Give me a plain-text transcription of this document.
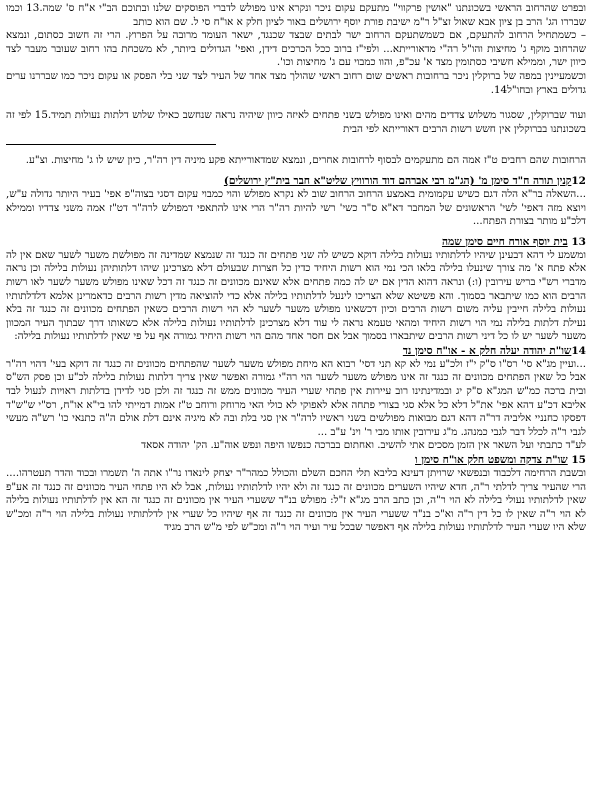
ובפרט שהרחוב הראשי בשכונתנו "אושין פרקווי" מתעקם עקום ניכר ונקרא אינו מפולש לדברי הפוסקים שלנו ובתוכם הב"י א"ח ס' שמה.13 וכמו שבררו הג' הרב בן ציון אבא שאול זצ"ל ר"מ ישיבת פורת יוסף ירושלים באור לציון חלק א או"ח סי ל. שם הוא כותב

– כשמתחיל הרחוב להתעקם, אם כשמשתעקם הרחוב ישר לבתים שבצד שכנגד, ישאר העומד מרובה על הפרוץ. הרי זה חשוב כסתום, ונמצא שהרחוב מוקף ג' מחיצות והו"ל רה"י מדאורייתא... ולפי"ז ברוב ככל הכרכים דידן, ואפי' הגדולים ביותר, לא משכחת בהו רחוב שעובר מעבר לצד כיוון ישר, וממילא חשיבי כסתומין מצד א' עכ"פ, והוו כמבוי עם ג' מחיצות וכו'.

וכשמעיינין במפה של ברוקלין ניכר ברחובות ראשים שום רחוב ראשי שהולך מצד אחד של העיר לצד שני בלי הפסק או עקום ניכר כמו שבררנו ערים גדולים בארץ ובחו"ל14.

ועוד שברוקלין, שסגור משלוש צדדים מהים ואינו מפולש בשני פתחים לאיזה כיוון שיהיה נראה שנחשב כאילו שלוש דלתות נעולות תמיד.15 לפי זה בשכונתנו בברוקלין אין חשש רשות הרבים דאורייתא לפי הבית

הרחובות שהם רחבים ט"ז אמה הם מתעקמים לבסוף לרחובות אחרים, ונמצא שמדאורייתא פקע מיניה דין רה"ר, כיון שיש לו ג' מחיצות. וצ"ע.

12קנין תורה ח"ד סימן מ' (הג"מ רבי אברהם דוד הורוויץ שליט"א חבר בית"ץ ירושלים)

...השאלה בר"א הלה דגם כשיש עקמומית באמצע הרחוב הרחוב שוב לא נקרא מפולש והוי כמבוי עקום דסגי בצוה"פ אפי' בעיר היותר גדולה ע"ש, ויוצא מזה דאפי' לשי' הראשונים של המחבר דא"א ס"ר כשי' רשי להיות רה"ר הרי אינו להתאפי דמפולש לרה"ר דט"ז אמה משני צדדיו וממילא דלכ"ע מותר בצורת הפתח...

13 בית יוסף אורח חיים סימן שמה

ומשמע לי דהא דבעינן שיהיו לדלתותיו נעולות בלילה דוקא כשיש לה שני פתחים זה כנגד זה שנמצא שמדינה זה מפולשת משער לשער שאם אין לה אלא פתח א' מה צורך שינעלו בלילה בלאו הכי נמי הוא רשות היחיד כדין כל חצרות שבעולם דלא מצרכינן שיהו דלתותיהן נעולות בלילה וכן נראה מדברי רש"י בריש עירובין (ו:) ונראה דהוא הדין אם יש לה כמה פתחים אלא שאינם מכוונים זה כנגד זה דכל שאינו מפולש משער לשער לאו רשות הרבים הוא כמו שיתבאר בסמוך. והא פשיטא שלא הצריכו לינעל לדלתותיו בלילה אלא כדי להוציאה מדין רשות הרבים כדאמרינן אלמא דלדלתותיו נעולות בלילה חייבין עליה משום רשות הרבים וכיון דכשאינו מפולש משער לשער לא הוי רשות הרבים כשאין הפתחים מכוונים זה כנגד זה בלא נעילת דלתות בלילה נמי הוי רשות היחיד ומהאי טעמא נראה לי עוד דלא מצרכינן לדלתותיו נעולות בלילה אלא כשאותו דרך שבתוך העיר המכוון משער לשער יש לו כל דיני רשות הרבים שיתבארו בסמוך אבל אם חסר אחד מהם הוי רשות היחיד גמורה אף על פי שאין לדלתותיו נעולות בלילה:

14שו"ת יהודה יעלה חלק א - או"ח סימן נד

...ועיין מג"א סי' רס"ו ס"ק י"ז ולכ"ע נמי לא קא תני דסי' רבוא הא מיחת מפולש משער לשער שהפתחים מכוונים זה כנגד זה דוקא בעי' דהוי רה"ר אבל כל שאין הפתחים מכוונים זה כנגד זה אינו מפולש משער לשער הוי רה"י גמורה ואפשר שאין צריך דלתות נעולות בלילה לכ"ע וכן פסק הש"ס ובית ברכה כמ"ש המג"א ס"ק יג ובמדינתינו רוב עיירות אין פתחי שערי העיר מכוונים ממש זה כנגד זה ולכן סגי לדידן בדלתות ראויות לנעול לבד אליבא דכ"ע דהא אפי' את"ל דלא כל אלא סגי בצורי פתחה אלא לאפוקי לא כולי האי מרוחק ורוחב ט"ז אמות דמייתי להו בי"א או"ח, רס"י ש"ש"ד דפסקו כחנניי אליביה דר"ה דהא דגם מבואות מפולשים בשני ראשיו לרה"ר אין סגי בלת ובה לא מיגיה אינם דלת אולם ה"ה כתנאי כו' רש"ה מעשי לגבי ר"ה לכלל דבר לגבי כמנהג. מ"ג עירובין אותו מבי ר' וינ' ע"ב ...

לע"ד כתבתי ועל השאר אין הזמן מסכים אתי להשיב. ואחתום בברכה כנפשו היפה ונפש אוה"ע. הק' יהודה אסאד

15 שו"ת צדקה ומשפט חלק או"ח סימן ו

ובשבת הרחימה דלכבוד ובנפשאי שרויתן דעינא בליבא תלי החכם השלם והכולל כמהר"ר יצחק לינאדו נר"ו אתה ה' תשמרו ובכוד והדר תעטרהו.... הרי שהעיר צריך לדלתי ר"ה, חדא שיהיו השערים מכוונים זה כנגד זה ולא יהיו לדלתותיו נעולות, אבל לא היו פתחי העיר מכוונים זה כנגד זה אע"פ שאין לדלתותיו נעולי בלילה לא הוי ר"ה, וכן כתב הרב מג"א ז"ל: מפולש בנ"ד ששערי העיר אין מכוונים זה כנגד זה הא אין לדלתותיו נעולות בלילה לא הוי ר"ה שאין לו כל דין ר"ה וא"כ בנ"ד ששערי העיר אין מכוונים זה כנגד זה אף שיהיו כל שערי אין לדלתותיו נעולות בלילה הוי ר"ה ומכ"ש שלא היו שערי העיר לדלתותיו נעולות בלילה אף דאפשר שבכל עיר ועיר הוי ר"ה ומכ"ש לפי מ"ש הרב מגיד
